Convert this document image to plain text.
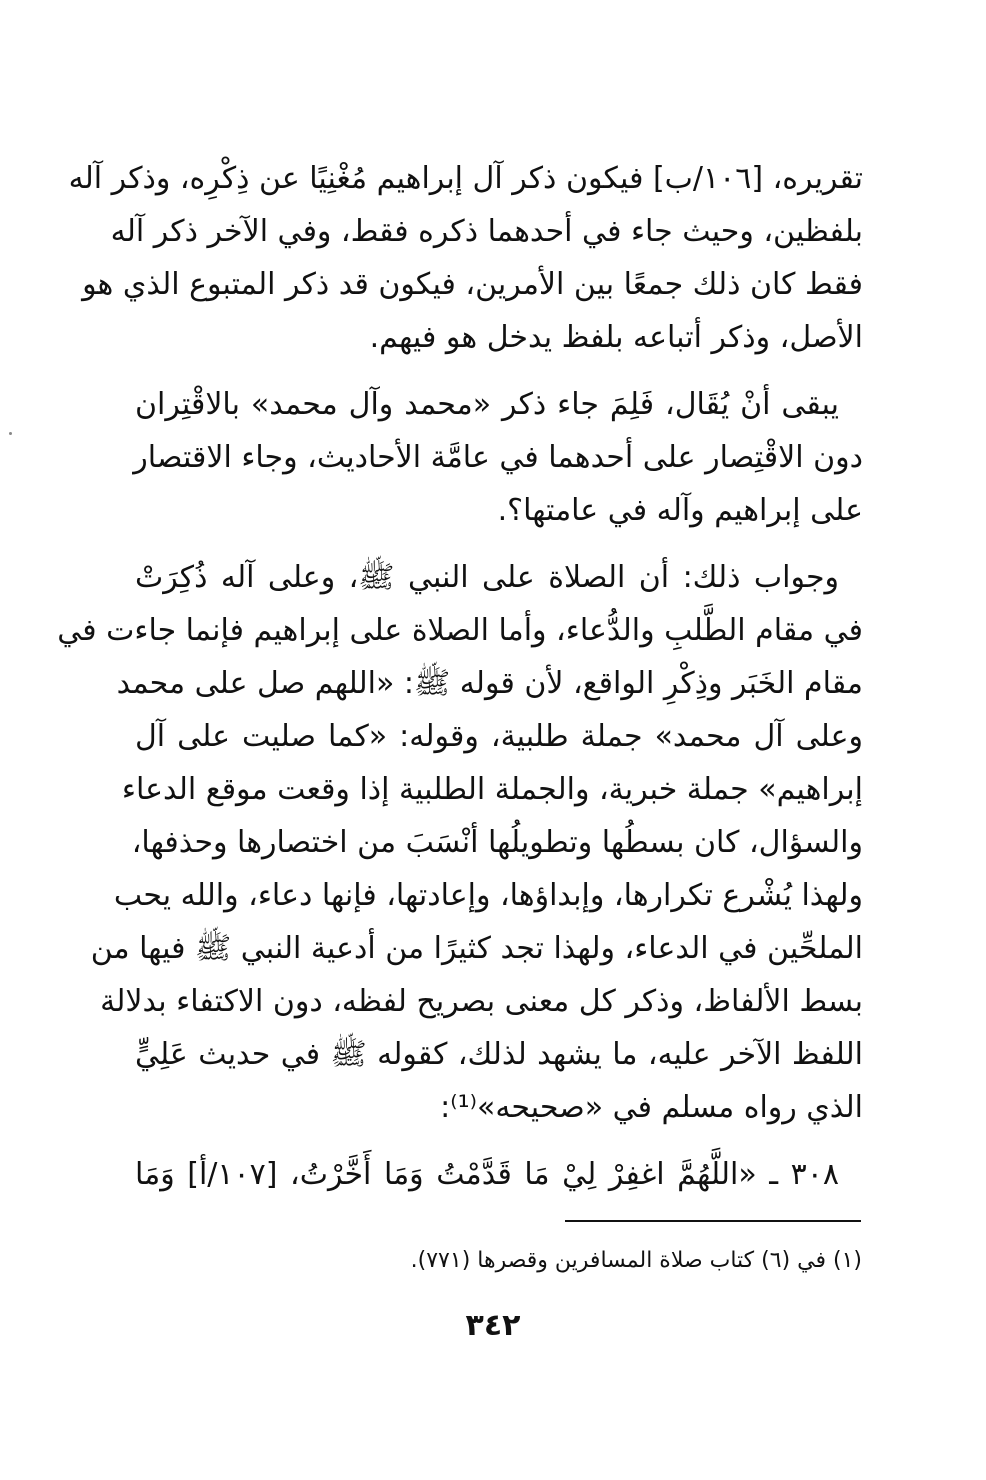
تقريره، [١٠٦/ب] فيكون ذكر آل إبراهيم مُغْنِيًا عن ذِكْرِه، وذكر آله
بلفظين، وحيث جاء في أحدهما ذكره فقط، وفي الآخر ذكر آله
فقط كان ذلك جمعًا بين الأمرين، فيكون قد ذكر المتبوع الذي هو
الأصل، وذكر أتباعه بلفظ يدخل هو فيهم.
يبقى أنْ يُقَال، فَلِمَ جاء ذكر «محمد وآل محمد» بالاقْتِران
دون الاقْتِصار على أحدهما في عامَّة الأحاديث، وجاء الاقتصار
على إبراهيم وآله في عامتها؟.
وجواب ذلك: أن الصلاة على النبي ﷺ، وعلى آله ذُكِرَتْ
في مقام الطَّلبِ والدُّعاء، وأما الصلاة على إبراهيم فإنما جاءت في
مقام الخَبَر وذِكْرِ الواقع، لأن قوله ﷺ: «اللهم صل على محمد
وعلى آل محمد» جملة طلبية، وقوله: «كما صليت على آل
إبراهيم» جملة خبرية، والجملة الطلبية إذا وقعت موقع الدعاء
والسؤال، كان بسطُها وتطويلُها أنْسَبَ من اختصارها وحذفها،
ولهذا يُشْرع تكرارها، وإبداؤها، وإعادتها، فإنها دعاء، والله يحب
الملحِّين في الدعاء، ولهذا تجد كثيرًا من أدعية النبي ﷺ فيها من
بسط الألفاظ، وذكر كل معنى بصريح لفظه، دون الاكتفاء بدلالة
اللفظ الآخر عليه، ما يشهد لذلك، كقوله ﷺ في حديث عَلِيٍّ
الذي رواه مسلم في «صحيحه»⁽¹⁾:
٣٠٨ ـ «اللَّهُمَّ اغفِرْ لِيْ مَا قَدَّمْتُ وَمَا أَخَّرْتُ، [١٠٧/أ] وَمَا
(١) في (٦) كتاب صلاة المسافرين وقصرها (٧٧١).
٣٤٢
